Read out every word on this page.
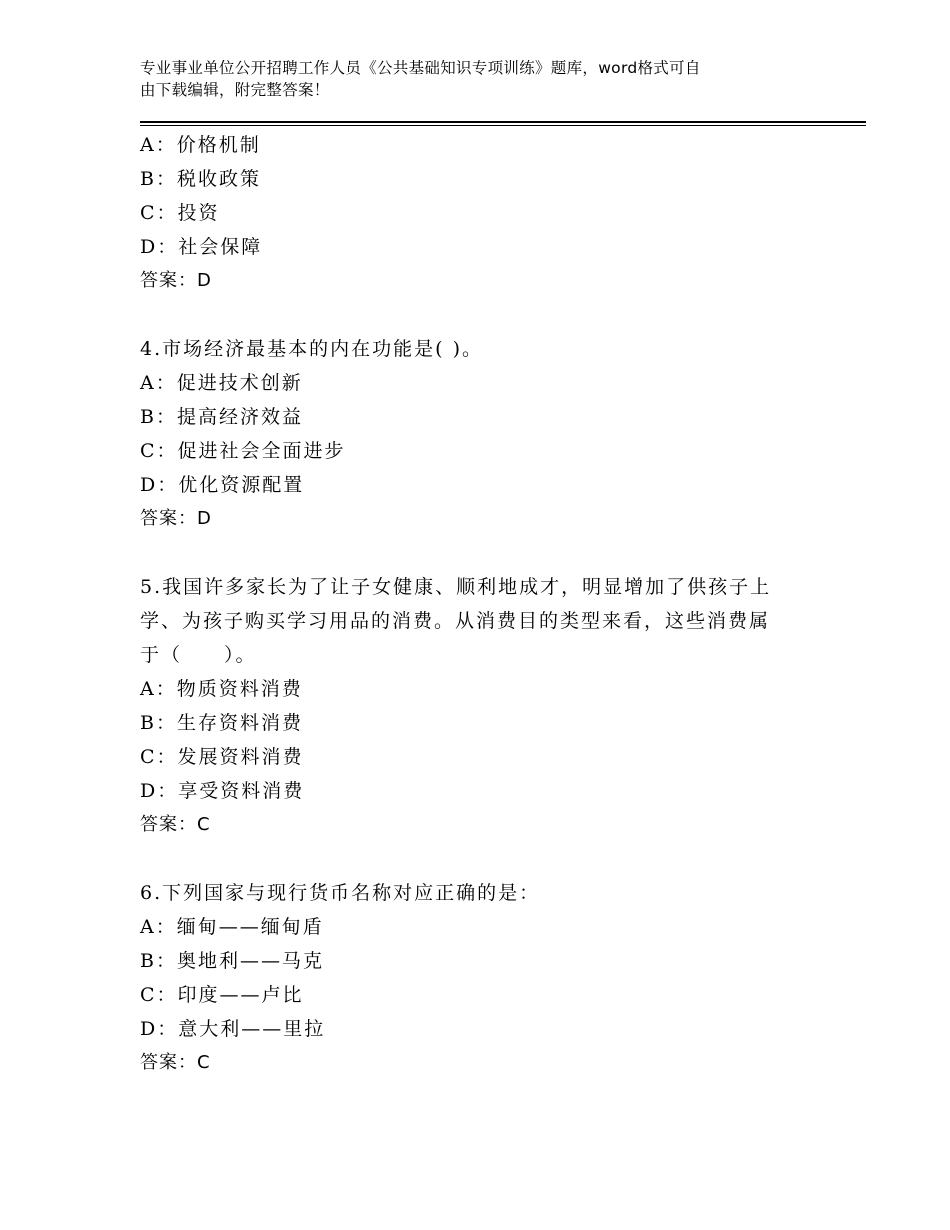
专业事业单位公开招聘工作人员《公共基础知识专项训练》题库，word格式可自
由下载编辑，附完整答案！
A：价格机制
B：税收政策
C：投资
D：社会保障
答案：D
4.市场经济最基本的内在功能是( )。
A：促进技术创新
B：提高经济效益
C：促进社会全面进步
D：优化资源配置
答案：D
5.我国许多家长为了让子女健康、顺利地成才，明显增加了供孩子上
学、为孩子购买学习用品的消费。从消费目的类型来看，这些消费属
于（　　）。
A：物质资料消费
B：生存资料消费
C：发展资料消费
D：享受资料消费
答案：C
6.下列国家与现行货币名称对应正确的是：
A：缅甸——缅甸盾
B：奥地利——马克
C：印度——卢比
D：意大利——里拉
答案：C
